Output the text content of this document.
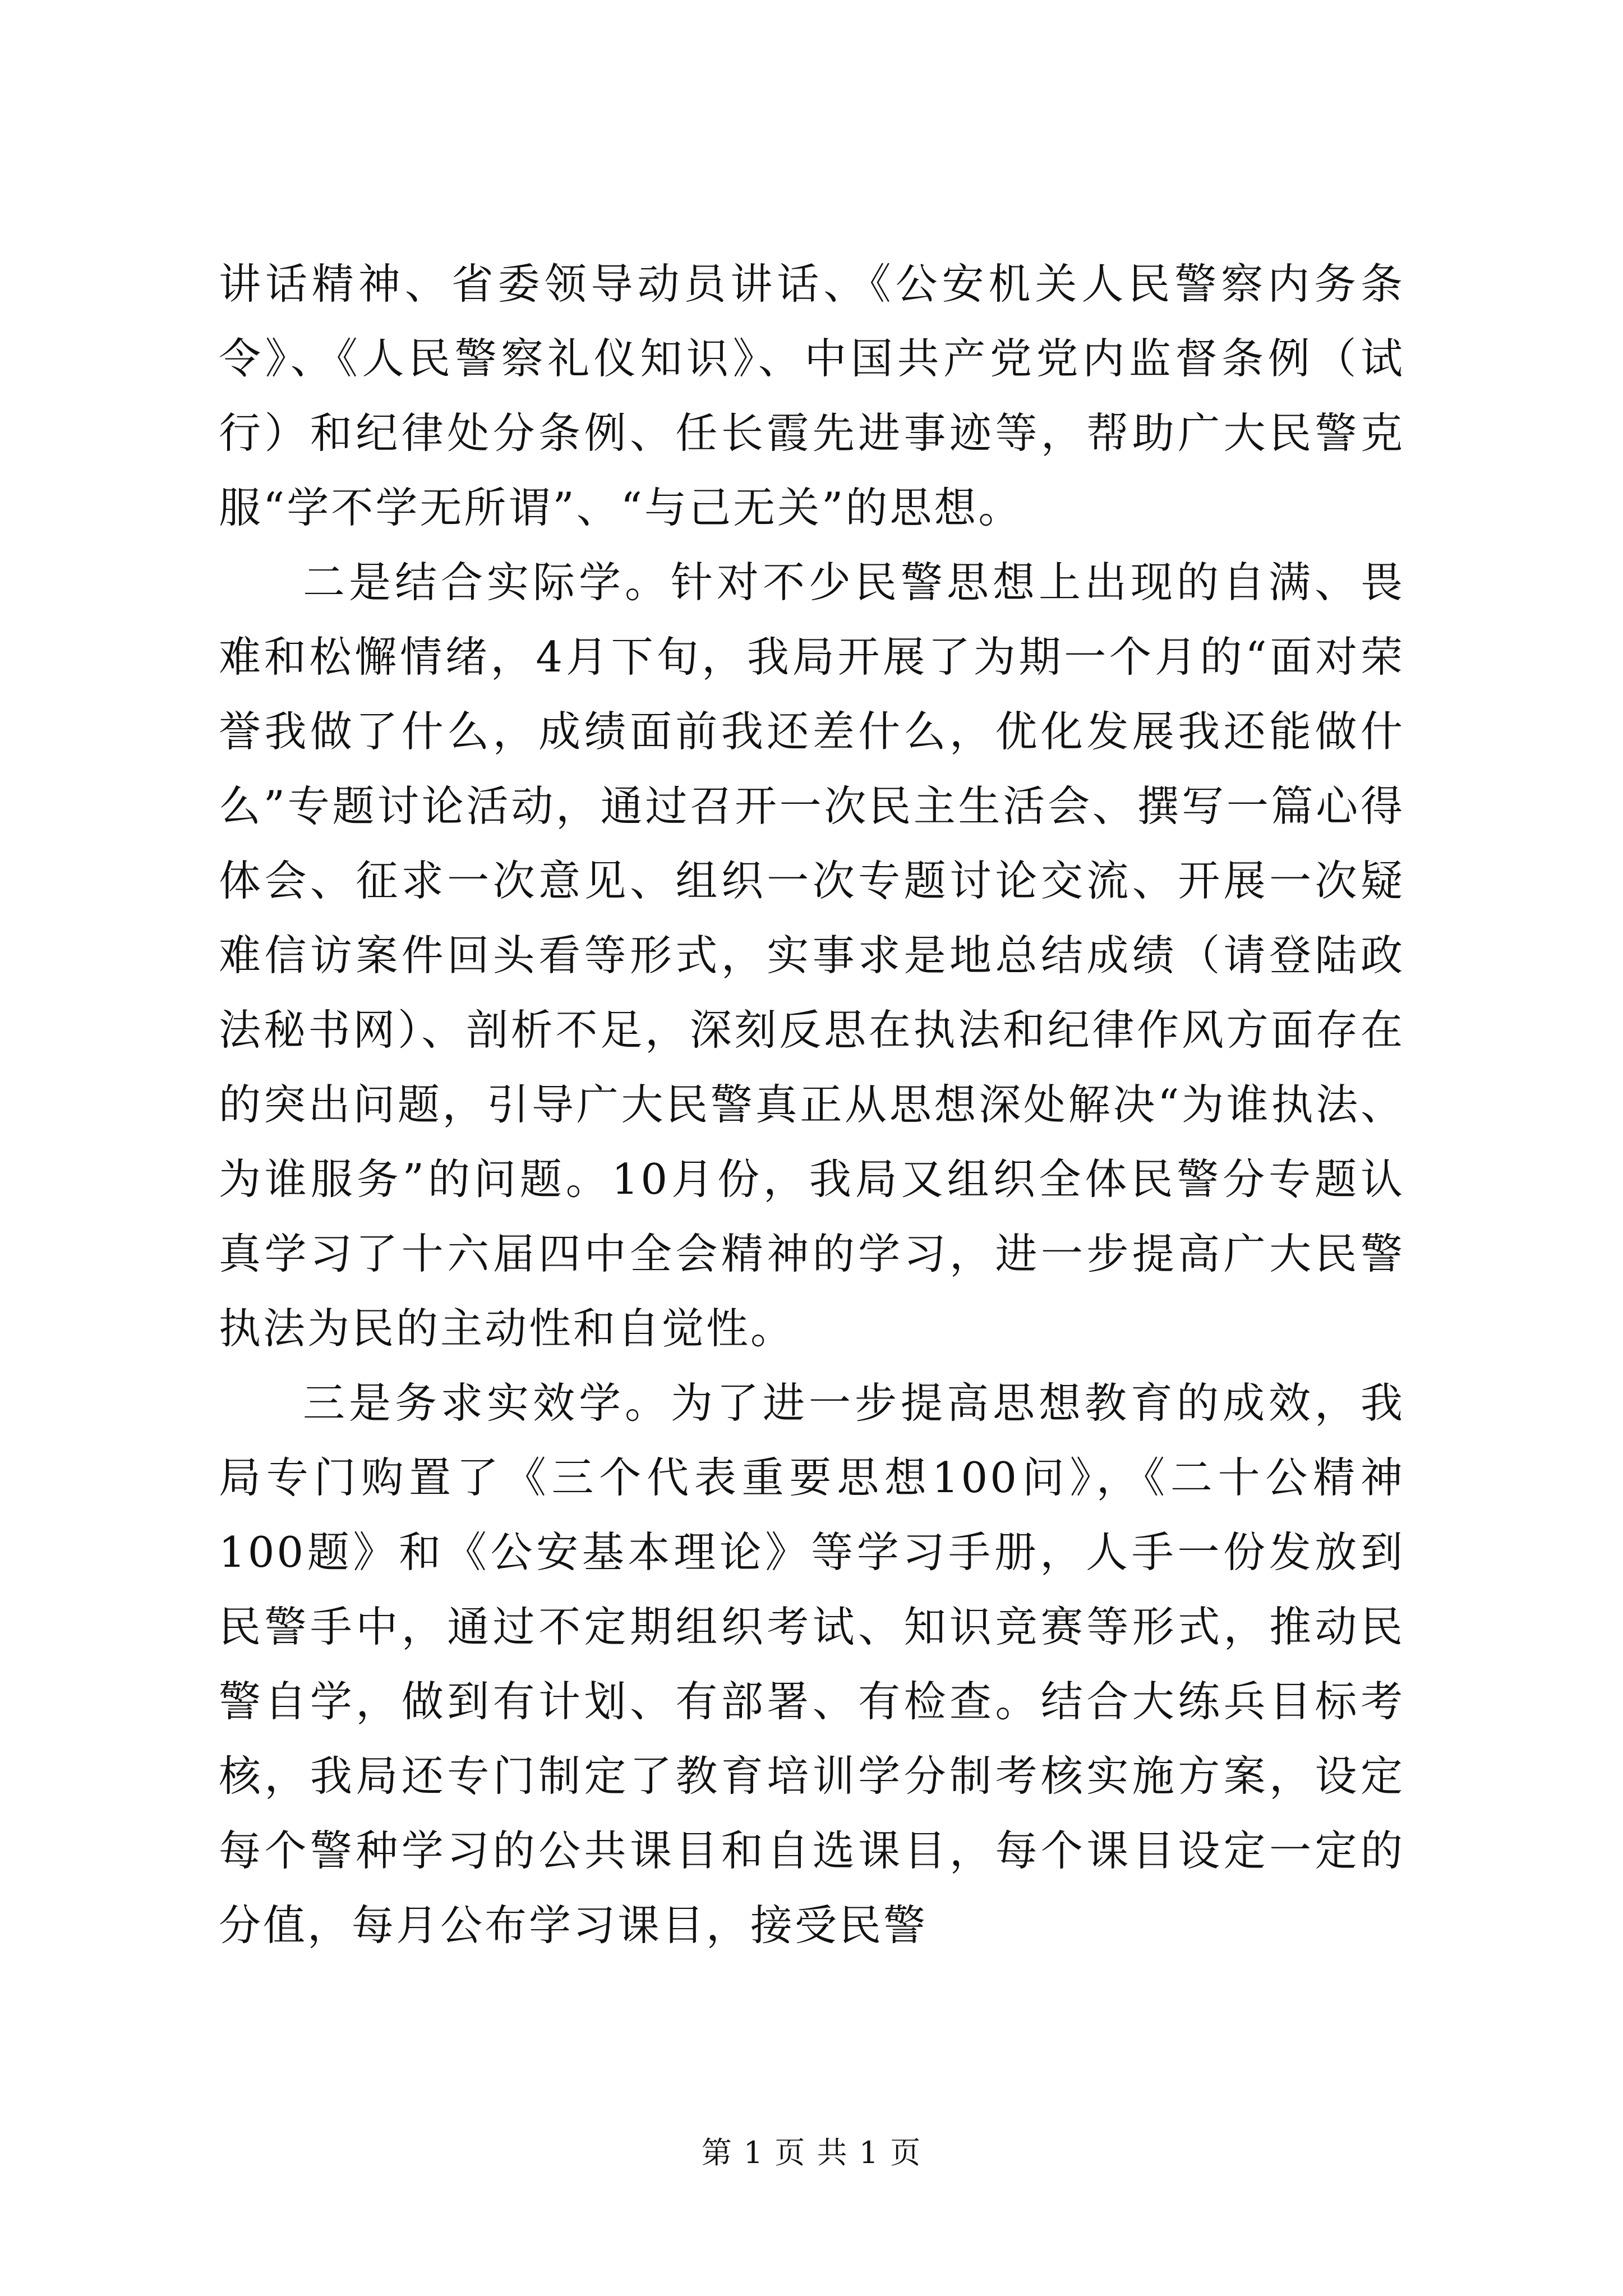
讲话精神、省委领导动员讲话、《公安机关人民警察内务条令》、《人民警察礼仪知识》、中国共产党党内监督条例（试行）和纪律处分条例、任长霞先进事迹等，帮助广大民警克服“学不学无所谓”、“与己无关”的思想。

二是结合实际学。针对不少民警思想上出现的自满、畏难和松懈情绪，4月下旬，我局开展了为期一个月的“面对荣誉我做了什么，成绩面前我还差什么，优化发展我还能做什么”专题讨论活动，通过召开一次民主生活会、撰写一篇心得体会、征求一次意见、组织一次专题讨论交流、开展一次疑难信访案件回头看等形式，实事求是地总结成绩（请登陆政法秘书网）、剖析不足，深刻反思在执法和纪律作风方面存在的突出问题，引导广大民警真正从思想深处解决“为谁执法、为谁服务”的问题。10月份，我局又组织全体民警分专题认真学习了十六届四中全会精神的学习，进一步提高广大民警执法为民的主动性和自觉性。

三是务求实效学。为了进一步提高思想教育的成效，我局专门购置了《三个代表重要思想100问》，《二十公精神100题》和《公安基本理论》等学习手册，人手一份发放到民警手中，通过不定期组织考试、知识竞赛等形式，推动民警自学，做到有计划、有部署、有检查。结合大练兵目标考核，我局还专门制定了教育培训学分制考核实施方案，设定每个警种学习的公共课目和自选课目，每个课目设定一定的分值，每月公布学习课目，接受民警

第 1 页 共 1 页
